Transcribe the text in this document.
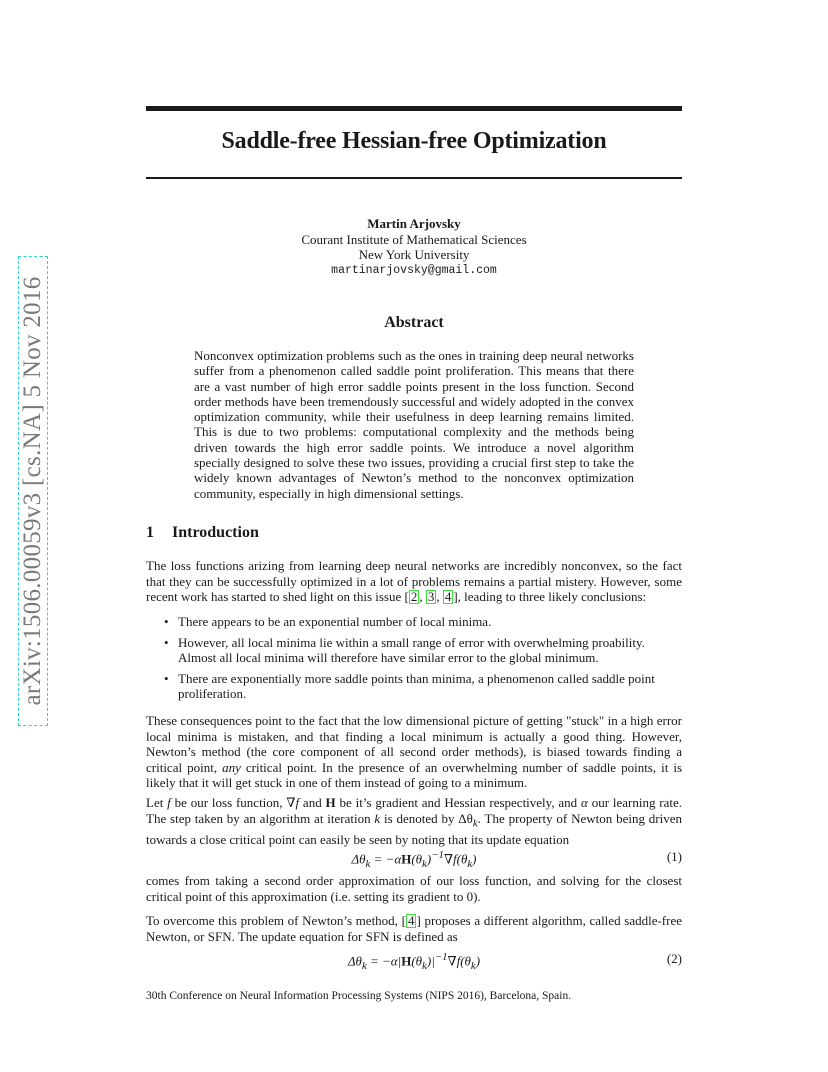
arXiv:1506.00059v3 [cs.NA] 5 Nov 2016
Saddle-free Hessian-free Optimization
Martin Arjovsky
Courant Institute of Mathematical Sciences
New York University
martinarjovsky@gmail.com
Abstract
Nonconvex optimization problems such as the ones in training deep neural networks suffer from a phenomenon called saddle point proliferation. This means that there are a vast number of high error saddle points present in the loss function. Second order methods have been tremendously successful and widely adopted in the convex optimization community, while their usefulness in deep learning remains limited. This is due to two problems: computational complexity and the methods being driven towards the high error saddle points. We introduce a novel algorithm specially designed to solve these two issues, providing a crucial first step to take the widely known advantages of Newton’s method to the nonconvex optimization community, especially in high dimensional settings.
1 Introduction
The loss functions arizing from learning deep neural networks are incredibly nonconvex, so the fact that they can be successfully optimized in a lot of problems remains a partial mistery. However, some recent work has started to shed light on this issue [ 2 , 3 , 4 ], leading to three likely conclusions:
• There appears to be an exponential number of local minima.
• However, all local minima lie within a small range of error with overwhelming proability. Almost all local minima will therefore have similar error to the global minimum.
• There are exponentially more saddle points than minima, a phenomenon called saddle point proliferation.
These consequences point to the fact that the low dimensional picture of getting "stuck" in a high error local minima is mistaken, and that finding a local minimum is actually a good thing. However, Newton’s method (the core component of all second order methods), is biased towards finding a critical point, any critical point. In the presence of an overwhelming number of saddle points, it is likely that it will get stuck in one of them instead of going to a minimum.
Let f be our loss function, ∇f and H be it’s gradient and Hessian respectively, and α our learning rate. The step taken by an algorithm at iteration k is denoted by $\Delta\theta_k$. The property of Newton being driven towards a close critical point can easily be seen by noting that its update equation
$\Delta\theta_k = -\alpha H(\theta_k)^{-1}\nabla f(\theta_k)$	(1)
comes from taking a second order approximation of our loss function, and solving for the closest critical point of this approximation (i.e. setting its gradient to 0).
To overcome this problem of Newton’s method, [ 4 ] proposes a different algorithm, called saddle-free Newton, or SFN. The update equation for SFN is defined as
$\Delta\theta_k = -\alpha|H(\theta_k)|^{-1}\nabla f(\theta_k)$	(2)
30th Conference on Neural Information Processing Systems (NIPS 2016), Barcelona, Spain.
